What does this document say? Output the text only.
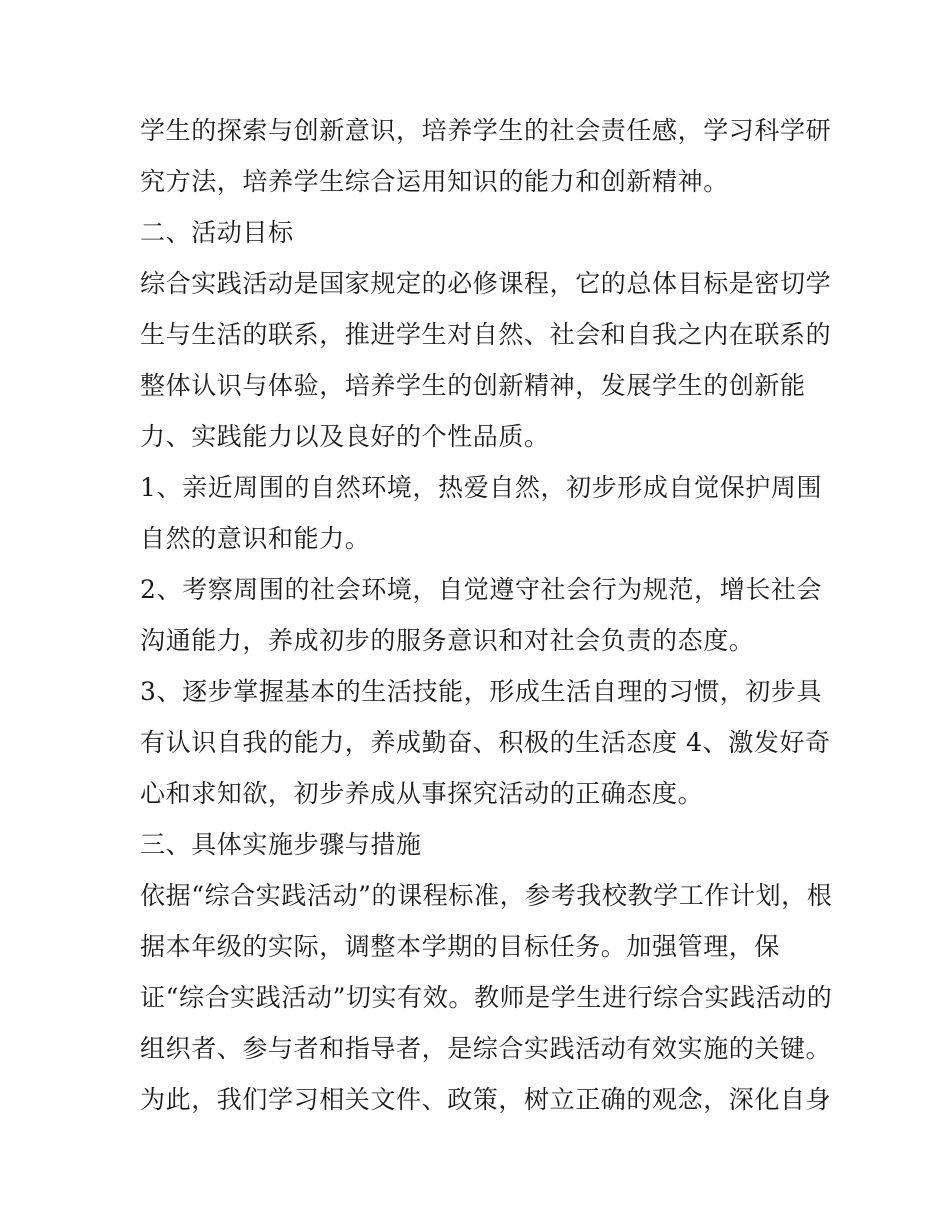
学生的探索与创新意识，培养学生的社会责任感，学习科学研
究方法，培养学生综合运用知识的能力和创新精神。
二、活动目标
综合实践活动是国家规定的必修课程，它的总体目标是密切学
生与生活的联系，推进学生对自然、社会和自我之内在联系的
整体认识与体验，培养学生的创新精神，发展学生的创新能
力、实践能力以及良好的个性品质。
1、亲近周围的自然环境，热爱自然，初步形成自觉保护周围
自然的意识和能力。
2、考察周围的社会环境，自觉遵守社会行为规范，增长社会
沟通能力，养成初步的服务意识和对社会负责的态度。
3、逐步掌握基本的生活技能，形成生活自理的习惯，初步具
有认识自我的能力，养成勤奋、积极的生活态度 4、激发好奇
心和求知欲，初步养成从事探究活动的正确态度。
三、具体实施步骤与措施
依据“综合实践活动”的课程标准，参考我校教学工作计划，根
据本年级的实际，调整本学期的目标任务。加强管理，保
证“综合实践活动”切实有效。教师是学生进行综合实践活动的
组织者、参与者和指导者，是综合实践活动有效实施的关键。
为此，我们学习相关文件、政策，树立正确的观念，深化自身
